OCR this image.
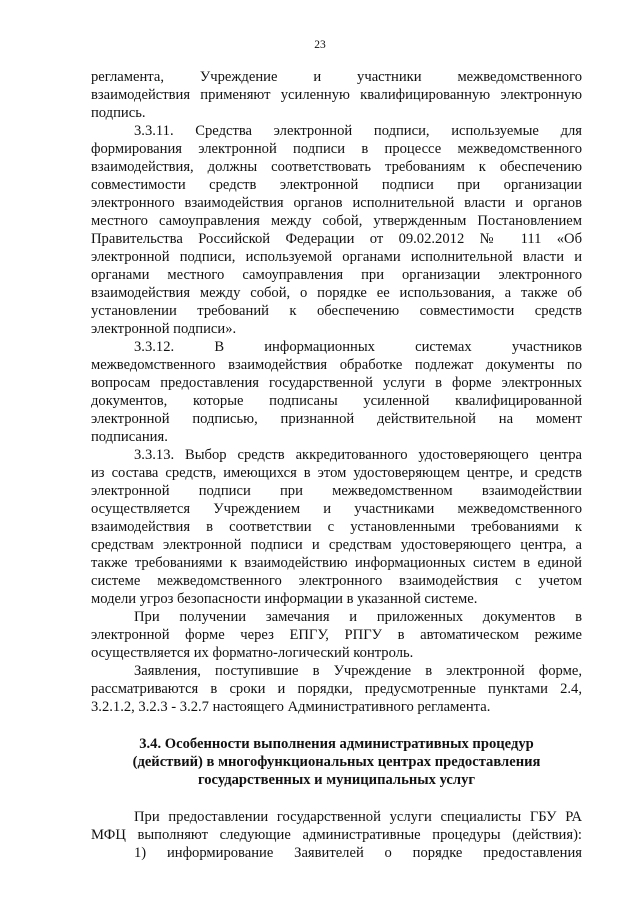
23
регламента, Учреждение и участники межведомственного
взаимодействия применяют усиленную квалифицированную электронную
подпись.
3.3.11. Средства электронной подписи, используемые для
формирования электронной подписи в процессе межведомственного
взаимодействия, должны соответствовать требованиям к обеспечению
совместимости средств электронной подписи при организации
электронного взаимодействия органов исполнительной власти и органов
местного самоуправления между собой, утвержденным Постановлением
Правительства Российской Федерации от 09.02.2012 № 111 «Об
электронной подписи, используемой органами исполнительной власти и
органами местного самоуправления при организации электронного
взаимодействия между собой, о порядке ее использования, а также об
установлении требований к обеспечению совместимости средств
электронной подписи».
3.3.12. В информационных системах участников
межведомственного взаимодействия обработке подлежат документы по
вопросам предоставления государственной услуги в форме электронных
документов, которые подписаны усиленной квалифицированной
электронной подписью, признанной действительной на момент
подписания.
3.3.13. Выбор средств аккредитованного удостоверяющего центра
из состава средств, имеющихся в этом удостоверяющем центре, и средств
электронной подписи при межведомственном взаимодействии
осуществляется Учреждением и участниками межведомственного
взаимодействия в соответствии с установленными требованиями к
средствам электронной подписи и средствам удостоверяющего центра, а
также требованиями к взаимодействию информационных систем в единой
системе межведомственного электронного взаимодействия с учетом
модели угроз безопасности информации в указанной системе.
При получении замечания и приложенных документов в
электронной форме через ЕПГУ, РПГУ в автоматическом режиме
осуществляется их форматно-логический контроль.
Заявления, поступившие в Учреждение в электронной форме,
рассматриваются в сроки и порядки, предусмотренные пунктами 2.4,
3.2.1.2, 3.2.3 - 3.2.7 настоящего Административного регламента.
3.4. Особенности выполнения административных процедур
(действий) в многофункциональных центрах предоставления
государственных и муниципальных услуг
При предоставлении государственной услуги специалисты ГБУ РА
МФЦ выполняют следующие административные процедуры (действия):
1) информирование Заявителей о порядке предоставления
